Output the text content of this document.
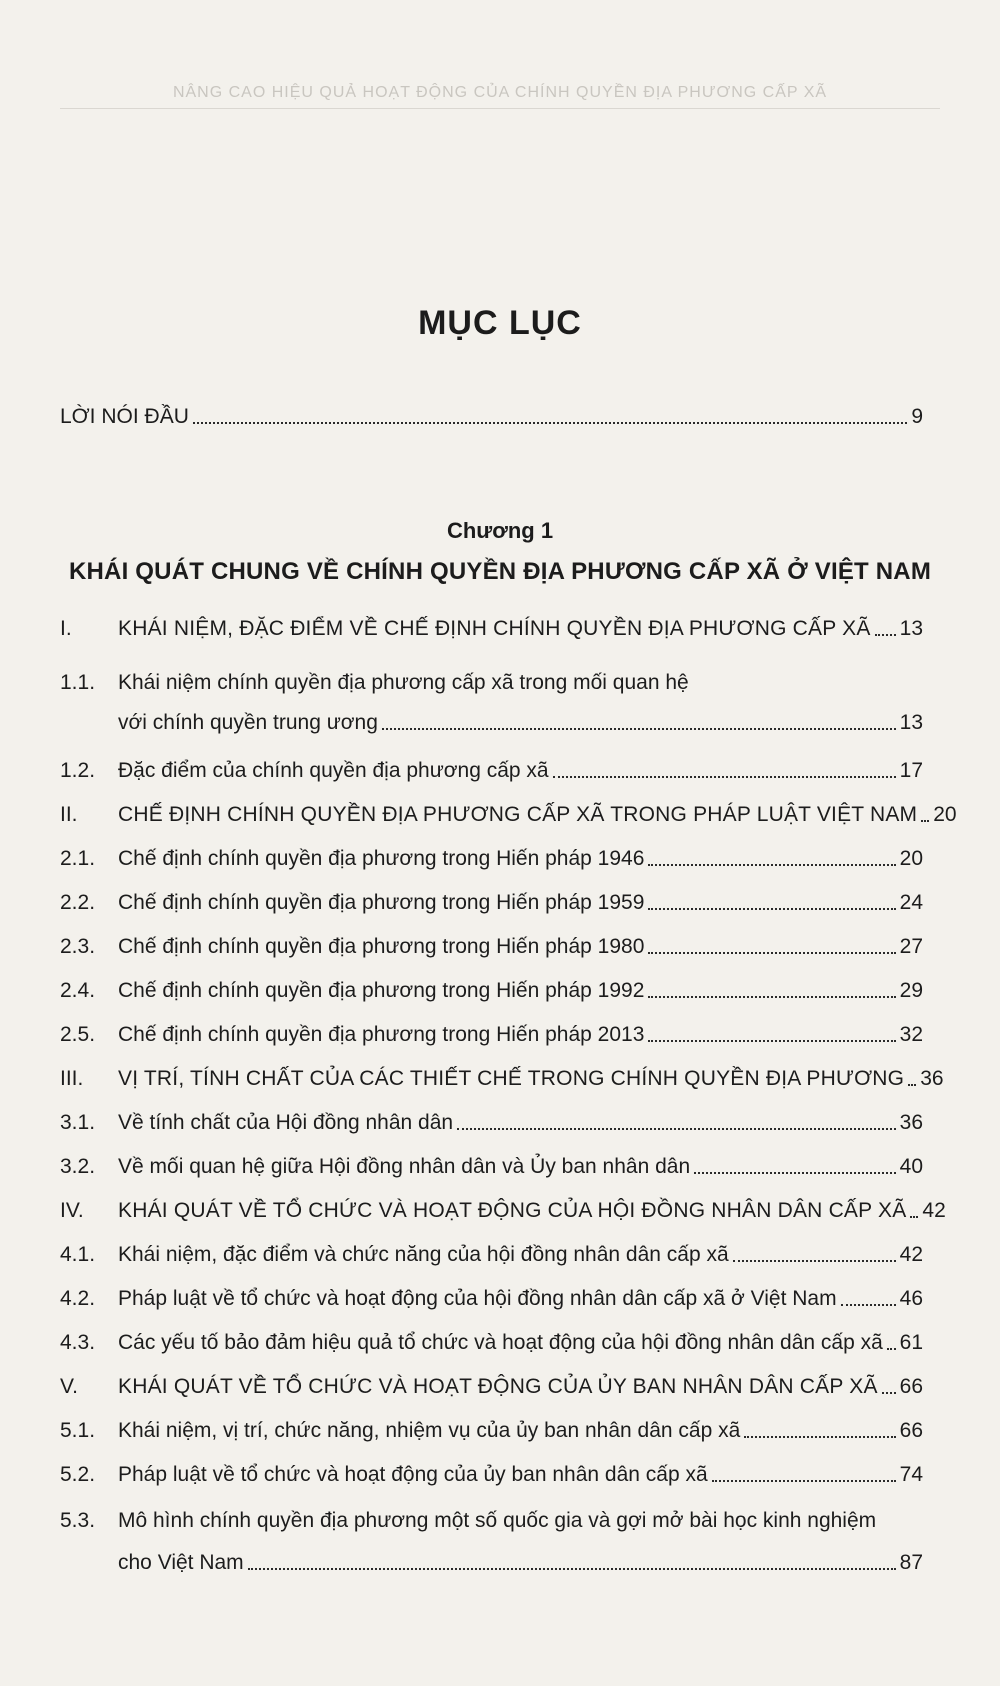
NÂNG CAO HIỆU QUẢ HOẠT ĐỘNG CỦA CHÍNH QUYỀN ĐỊA PHƯƠNG CẤP XÃ
MỤC LỤC
LỜI NÓI ĐẦU	9
Chương 1
KHÁI QUÁT CHUNG VỀ CHÍNH QUYỀN ĐỊA PHƯƠNG CẤP XÃ Ở VIỆT NAM
I.	KHÁI NIỆM, ĐẶC ĐIỂM VỀ CHẾ ĐỊNH CHÍNH QUYỀN ĐỊA PHƯƠNG CẤP XÃ 13
1.1.	Khái niệm chính quyền địa phương cấp xã trong mối quan hệ
với chính quyền trung ương	13
1.2.	Đặc điểm của chính quyền địa phương cấp xã	17
II.	CHẾ ĐỊNH CHÍNH QUYỀN ĐỊA PHƯƠNG CẤP XÃ TRONG PHÁP LUẬT VIỆT NAM 20
2.1.	Chế định chính quyền địa phương trong Hiến pháp 1946	20
2.2.	Chế định chính quyền địa phương trong Hiến pháp 1959	24
2.3.	Chế định chính quyền địa phương trong Hiến pháp 1980	27
2.4.	Chế định chính quyền địa phương trong Hiến pháp 1992	29
2.5.	Chế định chính quyền địa phương trong Hiến pháp 2013	32
III.	VỊ TRÍ, TÍNH CHẤT CỦA CÁC THIẾT CHẾ TRONG CHÍNH QUYỀN ĐỊA PHƯƠNG 36
3.1.	Về tính chất của Hội đồng nhân dân	36
3.2.	Về mối quan hệ giữa Hội đồng nhân dân và Ủy ban nhân dân	40
IV.	KHÁI QUÁT VỀ TỔ CHỨC VÀ HOẠT ĐỘNG CỦA HỘI ĐỒNG NHÂN DÂN CẤP XÃ 42
4.1.	Khái niệm, đặc điểm và chức năng của hội đồng nhân dân cấp xã	42
4.2.	Pháp luật về tổ chức và hoạt động của hội đồng nhân dân cấp xã ở Việt Nam	46
4.3.	Các yếu tố bảo đảm hiệu quả tổ chức và hoạt động của hội đồng nhân dân cấp xã 61
V.	KHÁI QUÁT VỀ TỔ CHỨC VÀ HOẠT ĐỘNG CỦA ỦY BAN NHÂN DÂN CẤP XÃ 66
5.1.	Khái niệm, vị trí, chức năng, nhiệm vụ của ủy ban nhân dân cấp xã	66
5.2.	Pháp luật về tổ chức và hoạt động của ủy ban nhân dân cấp xã	74
5.3.	Mô hình chính quyền địa phương một số quốc gia và gợi mở bài học kinh nghiệm
cho Việt Nam	87
